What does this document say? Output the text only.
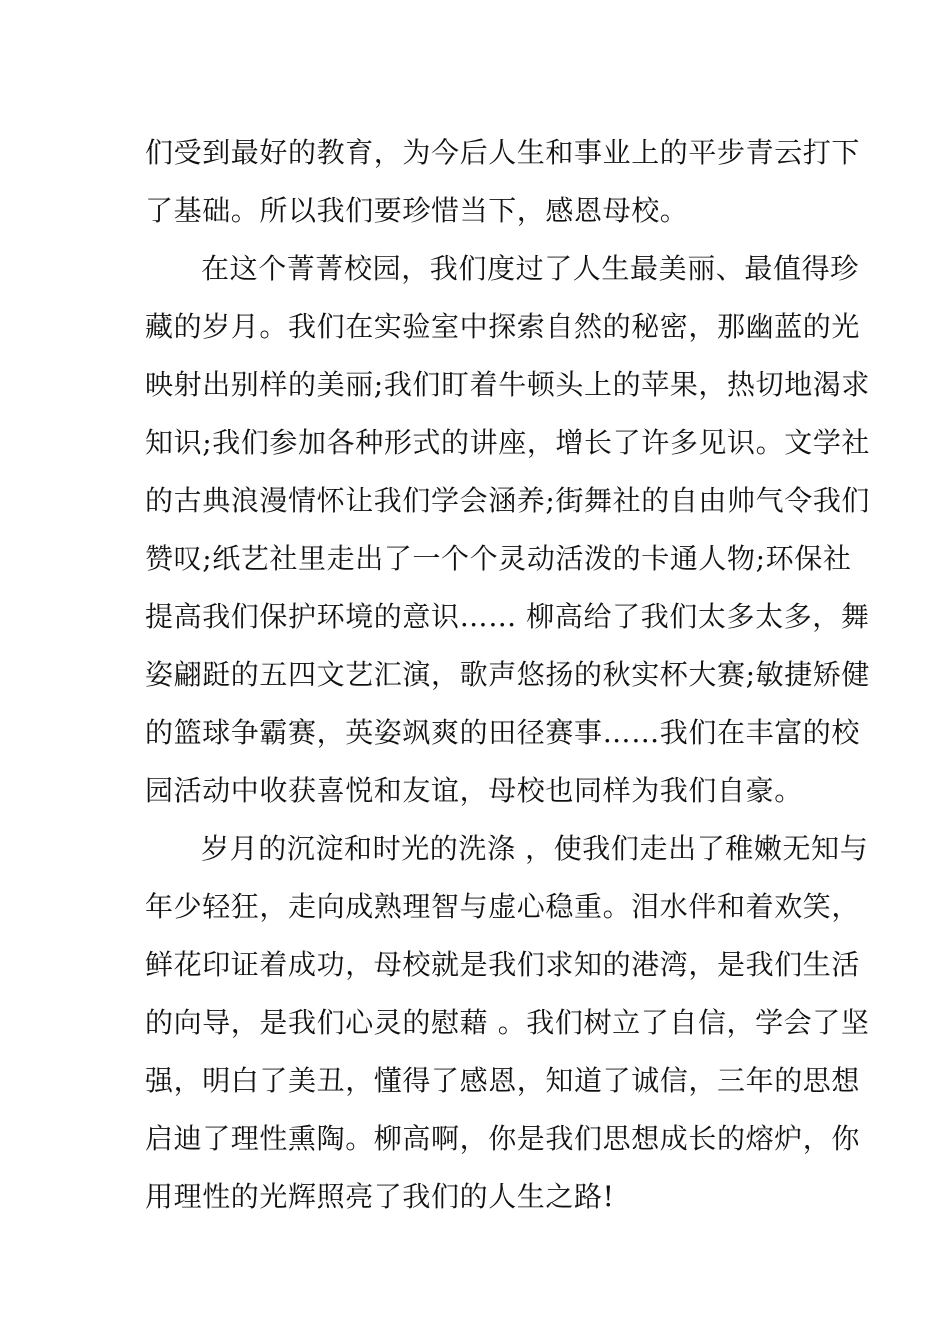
们受到最好的教育，为今后人生和事业上的平步青云打下
了基础。所以我们要珍惜当下，感恩母校。
在这个菁菁校园，我们度过了人生最美丽、最值得珍
藏的岁月。我们在实验室中探索自然的秘密，那幽蓝的光
映射出别样的美丽;我们盯着牛顿头上的苹果，热切地渴求
知识;我们参加各种形式的讲座，增长了许多见识。文学社
的古典浪漫情怀让我们学会涵养;街舞社的自由帅气令我们
赞叹;纸艺社里走出了一个个灵动活泼的卡通人物;环保社
提高我们保护环境的意识…… 柳高给了我们太多太多，舞
姿翩跹的五四文艺汇演，歌声悠扬的秋实杯大赛;敏捷矫健
的篮球争霸赛，英姿飒爽的田径赛事……我们在丰富的校
园活动中收获喜悦和友谊，母校也同样为我们自豪。
岁月的沉淀和时光的洗涤 ，使我们走出了稚嫩无知与
年少轻狂，走向成熟理智与虚心稳重。泪水伴和着欢笑，
鲜花印证着成功，母校就是我们求知的港湾，是我们生活
的向导，是我们心灵的慰藉 。我们树立了自信，学会了坚
强，明白了美丑，懂得了感恩，知道了诚信，三年的思想
启迪了理性熏陶。柳高啊，你是我们思想成长的熔炉，你
用理性的光辉照亮了我们的人生之路!
